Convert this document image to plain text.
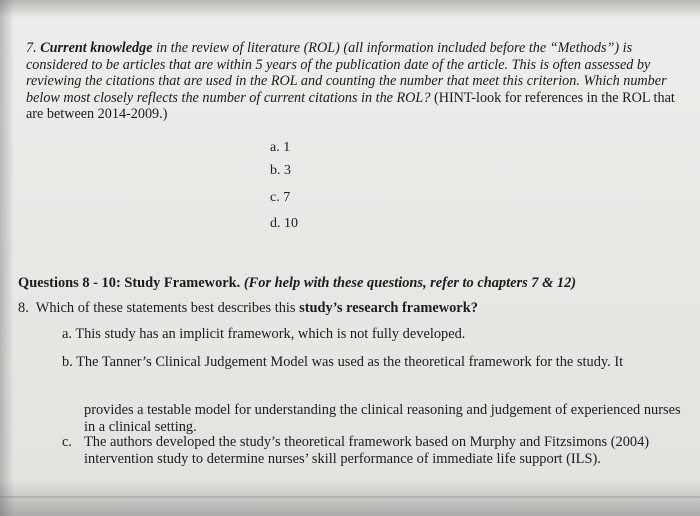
7. Current knowledge in the review of literature (ROL) (all information included before the “Methods”) is considered to be articles that are within 5 years of the publication date of the article. This is often assessed by reviewing the citations that are used in the ROL and counting the number that meet this criterion. Which number below most closely reflects the number of current citations in the ROL? (HINT-look for references in the ROL that are between 2014-2009.)
a. 1
b. 3
c. 7
d. 10
Questions 8 - 10: Study Framework. (For help with these questions, refer to chapters 7 & 12)
8. Which of these statements best describes this study’s research framework?
a. This study has an implicit framework, which is not fully developed.
b. The Tanner’s Clinical Judgement Model was used as the theoretical framework for the study. It
provides a testable model for understanding the clinical reasoning and judgement of experienced nurses in a clinical setting.
c. The authors developed the study’s theoretical framework based on Murphy and Fitzsimons (2004) intervention study to determine nurses’ skill performance of immediate life support (ILS).
